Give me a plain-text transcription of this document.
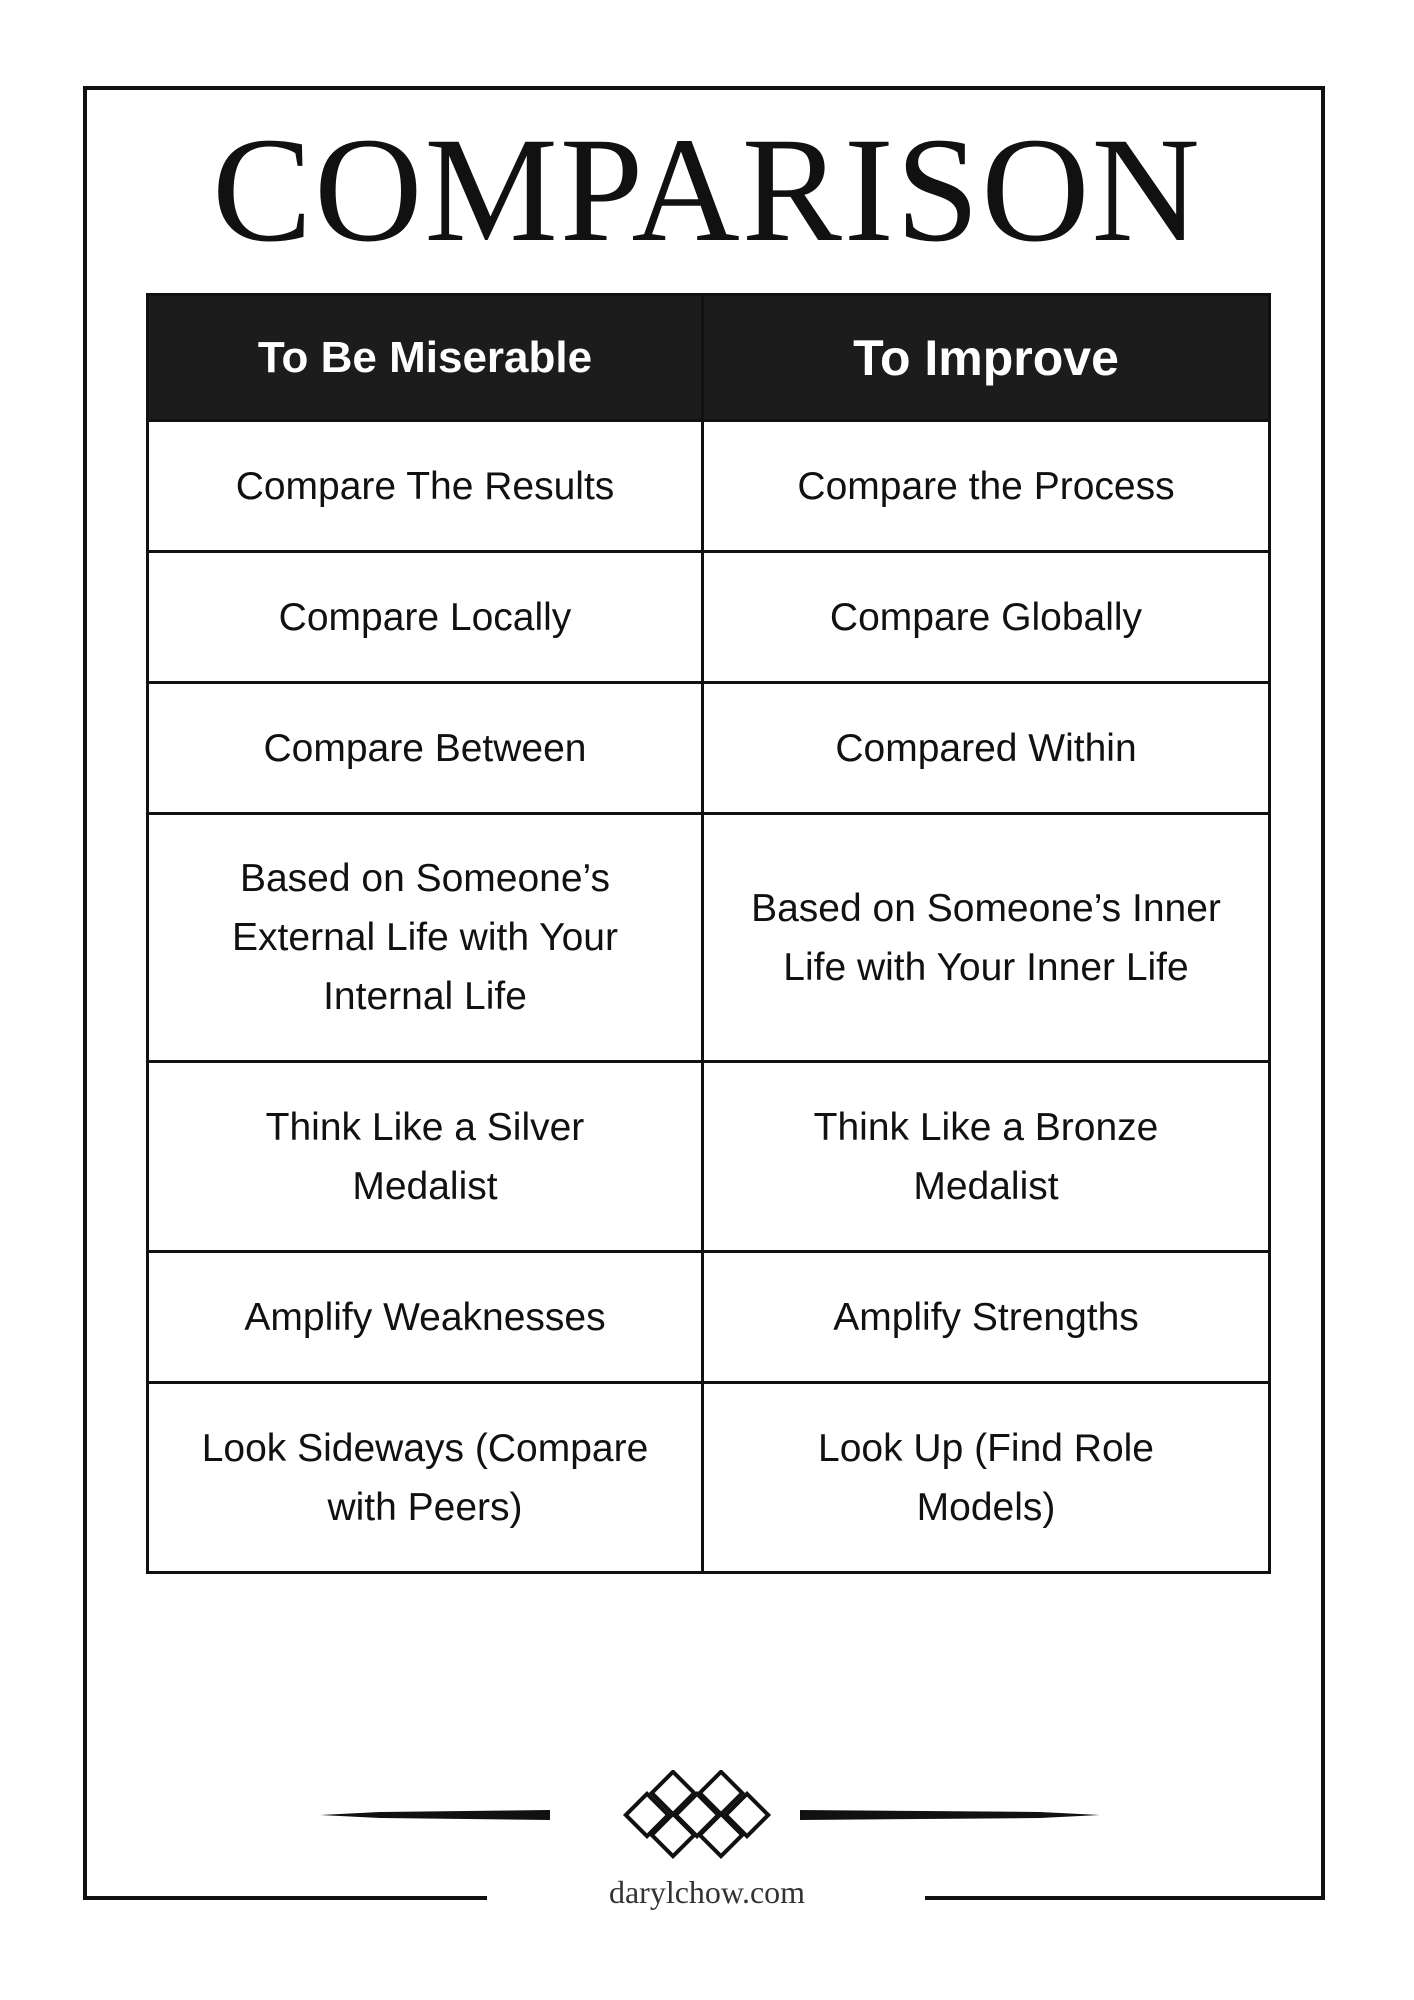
COMPARISON
To Be Miserable	To Improve
Compare The Results	Compare the Process
Compare Locally	Compare Globally
Compare Between	Compared Within
Based on Someone’s External Life with Your Internal Life	Based on Someone’s Inner Life with Your Inner Life
Think Like a Silver Medalist	Think Like a Bronze Medalist
Amplify Weaknesses	Amplify Strengths
Look Sideways (Compare with Peers)	Look Up (Find Role Models)
darylchow.com
